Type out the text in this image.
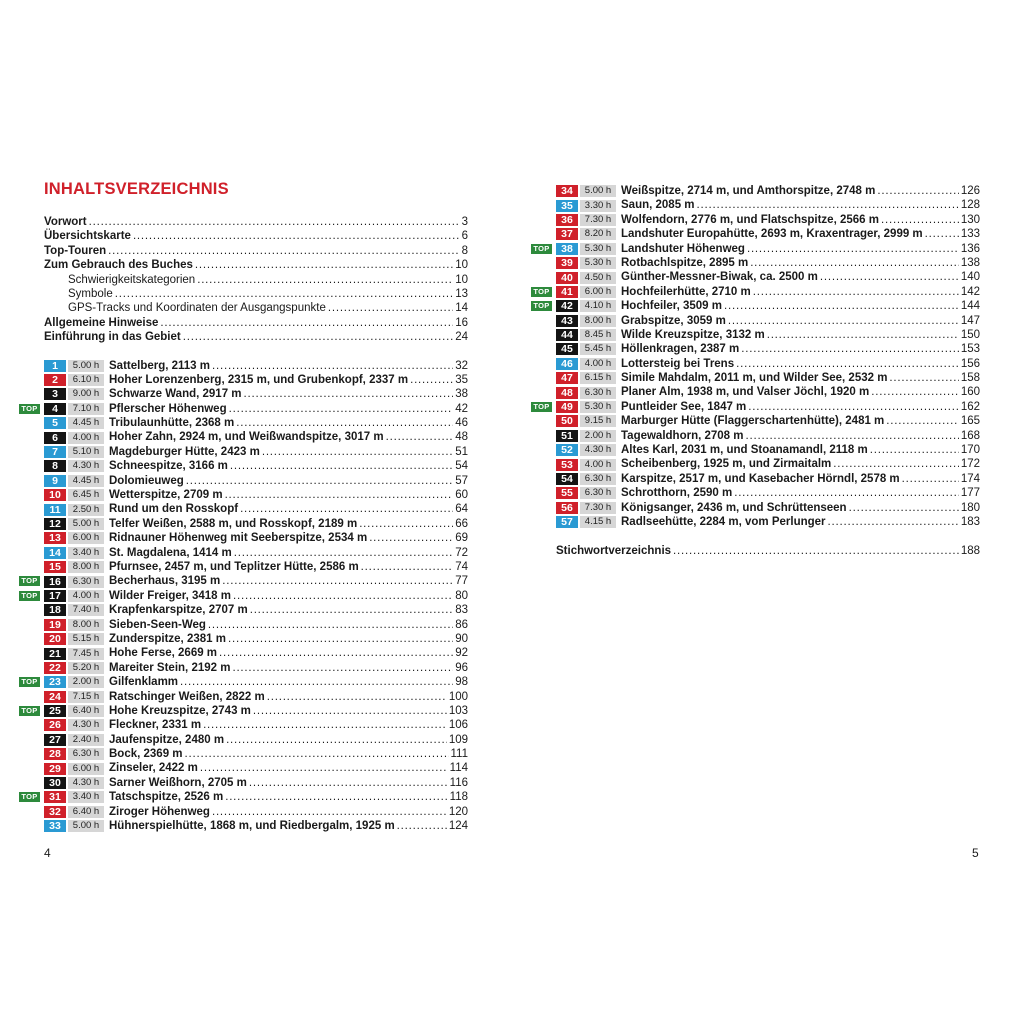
INHALTSVERZEICHNIS
Vorwort . . .	3
Übersichtskarte . . .	6
Top-Touren . . .	8
Zum Gebrauch des Buches . . .	10
Schwierigkeitskategorien . . .	10
Symbole . . .	13
GPS-Tracks und Koordinaten der Ausgangspunkte . . .	14
Allgemeine Hinweise . . .	16
Einführung in das Gebiet . . .	24
1	5.00 h Sattelberg, 2113 m . . .	32
2	6.10 h Hoher Lorenzenberg, 2315 m, und Grubenkopf, 2337 m . . .	35
3	9.00 h Schwarze Wand, 2917 m . . .	38
TOP	4	7.10 h Pflerscher Höhenweg . . .	42
5	4.45 h Tribulaunhütte, 2368 m . . .	46
6	4.00 h Hoher Zahn, 2924 m, und Weißwandspitze, 3017 m . . .	48
7	5.10 h Magdeburger Hütte, 2423 m . . .	51
8	4.30 h Schneespitze, 3166 m . . .	54
9	4.45 h Dolomieuweg . . .	57
10	6.45 h Wetterspitze, 2709 m . . .	60
11	2.50 h Rund um den Rosskopf . . .	64
12	5.00 h Telfer Weißen, 2588 m, und Rosskopf, 2189 m . . .	66
13	6.00 h Ridnauner Höhenweg mit Seeberspitze, 2534 m . . .	69
14	3.40 h St. Magdalena, 1414 m . . .	72
15	8.00 h Pfurnsee, 2457 m, und Teplitzer Hütte, 2586 m . . .	74
TOP	16	6.30 h Becherhaus, 3195 m . . .	77
TOP	17	4.00 h Wilder Freiger, 3418 m . . .	80
18	7.40 h Krapfenkarspitze, 2707 m . . .	83
19	8.00 h Sieben-Seen-Weg . . .	86
20	5.15 h Zunderspitze, 2381 m . . .	90
21	7.45 h Hohe Ferse, 2669 m . . .	92
22	5.20 h Mareiter Stein, 2192 m . . .	96
TOP	23	2.00 h Gilfenklamm . . .	98
24	7.15 h Ratschinger Weißen, 2822 m . . .	100
TOP	25	6.40 h Hohe Kreuzspitze, 2743 m . . .	103
26	4.30 h Fleckner, 2331 m . . .	106
27	2.40 h Jaufenspitze, 2480 m . . .	109
28	6.30 h Bock, 2369 m . . .	111
29	6.00 h Zinseler, 2422 m . . .	114
30	4.30 h Sarner Weißhorn, 2705 m . . .	116
TOP	31	3.40 h Tatschspitze, 2526 m . . .	118
32	6.40 h Ziroger Höhenweg . . .	120
33	5.00 h Hühnerspielhütte, 1868 m, und Riedbergalm, 1925 m . . .	124
34	5.00 h Weißspitze, 2714 m, und Amthorspitze, 2748 m . . .	126
35	3.30 h Saun, 2085 m . . .	128
36	7.30 h Wolfendorn, 2776 m, und Flatschspitze, 2566 m . . .	130
37	8.20 h Landshuter Europahütte, 2693 m, Kraxentrager, 2999 m . . .	133
TOP	38	5.30 h Landshuter Höhenweg . . .	136
39	5.30 h Rotbachlspitze, 2895 m . . .	138
40	4.50 h Günther-Messner-Biwak, ca. 2500 m . . .	140
TOP	41	6.00 h Hochfeilerhütte, 2710 m . . .	142
TOP	42	4.10 h Hochfeiler, 3509 m . . .	144
43	8.00 h Grabspitze, 3059 m . . .	147
44	8.45 h Wilde Kreuzspitze, 3132 m . . .	150
45	5.45 h Höllenkragen, 2387 m . . .	153
46	4.00 h Lottersteig bei Trens . . .	156
47	6.15 h Simile Mahdalm, 2011 m, und Wilder See, 2532 m . . .	158
48	6.30 h Planer Alm, 1938 m, und Valser Jöchl, 1920 m . . .	160
TOP	49	5.30 h Puntleider See, 1847 m . . .	162
50	9.15 h Marburger Hütte (Flaggerschartenhütte), 2481 m . . .	165
51	2.00 h Tagewaldhorn, 2708 m . . .	168
52	4.30 h Altes Karl, 2031 m, und Stoanamandl, 2118 m . . .	170
53	4.00 h Scheibenberg, 1925 m, und Zirmaitalm . . .	172
54	6.30 h Karspitze, 2517 m, und Kasebacher Hörndl, 2578 m . . .	174
55	6.30 h Schrotthorn, 2590 m . . .	177
56	7.30 h Königsanger, 2436 m, und Schrüttenseen . . .	180
57	4.15 h Radlseehütte, 2284 m, vom Perlunger . . .	183
Stichwortverzeichnis . . .	188
4	5
